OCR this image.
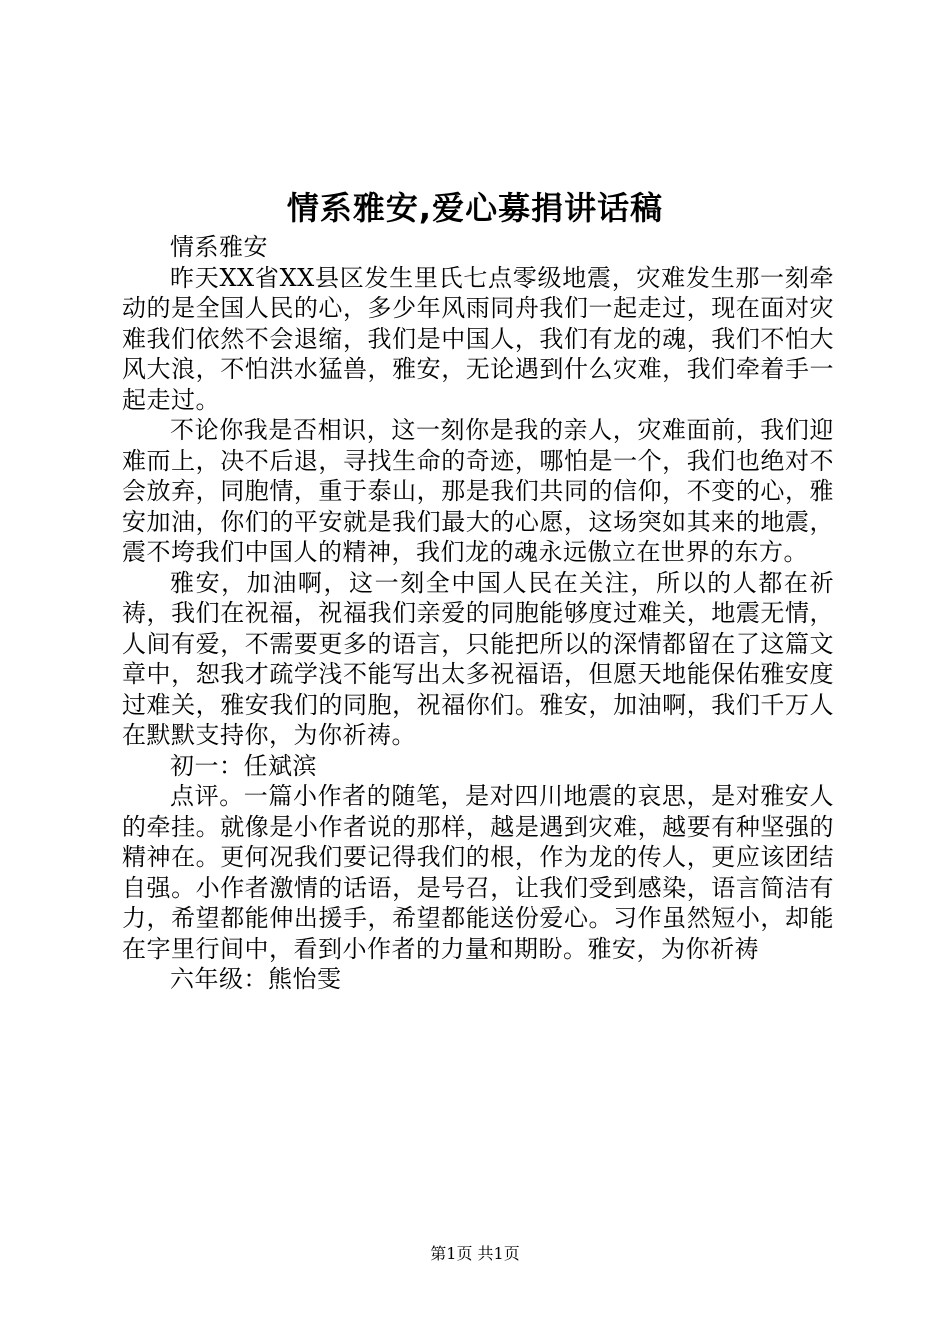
情系雅安,爱心募捐讲话稿

情系雅安

昨天XX省XX县区发生里氏七点零级地震，灾难发生那一刻牵动的是全国人民的心，多少年风雨同舟我们一起走过，现在面对灾难我们依然不会退缩，我们是中国人，我们有龙的魂，我们不怕大风大浪，不怕洪水猛兽，雅安，无论遇到什么灾难，我们牵着手一起走过。

不论你我是否相识，这一刻你是我的亲人，灾难面前，我们迎难而上，决不后退，寻找生命的奇迹，哪怕是一个，我们也绝对不会放弃，同胞情，重于泰山，那是我们共同的信仰，不变的心，雅安加油，你们的平安就是我们最大的心愿，这场突如其来的地震，震不垮我们中国人的精神，我们龙的魂永远傲立在世界的东方。

雅安，加油啊，这一刻全中国人民在关注，所以的人都在祈祷，我们在祝福，祝福我们亲爱的同胞能够度过难关，地震无情，人间有爱，不需要更多的语言，只能把所以的深情都留在了这篇文章中，恕我才疏学浅不能写出太多祝福语，但愿天地能保佑雅安度过难关，雅安我们的同胞，祝福你们。雅安，加油啊，我们千万人在默默支持你，为你祈祷。

初一：任斌滨

点评。一篇小作者的随笔，是对四川地震的哀思，是对雅安人的牵挂。就像是小作者说的那样，越是遇到灾难，越要有种坚强的精神在。更何况我们要记得我们的根，作为龙的传人，更应该团结自强。小作者激情的话语，是号召，让我们受到感染，语言简洁有力，希望都能伸出援手，希望都能送份爱心。习作虽然短小，却能在字里行间中，看到小作者的力量和期盼。雅安，为你祈祷

六年级：熊怡雯

第1页 共1页
